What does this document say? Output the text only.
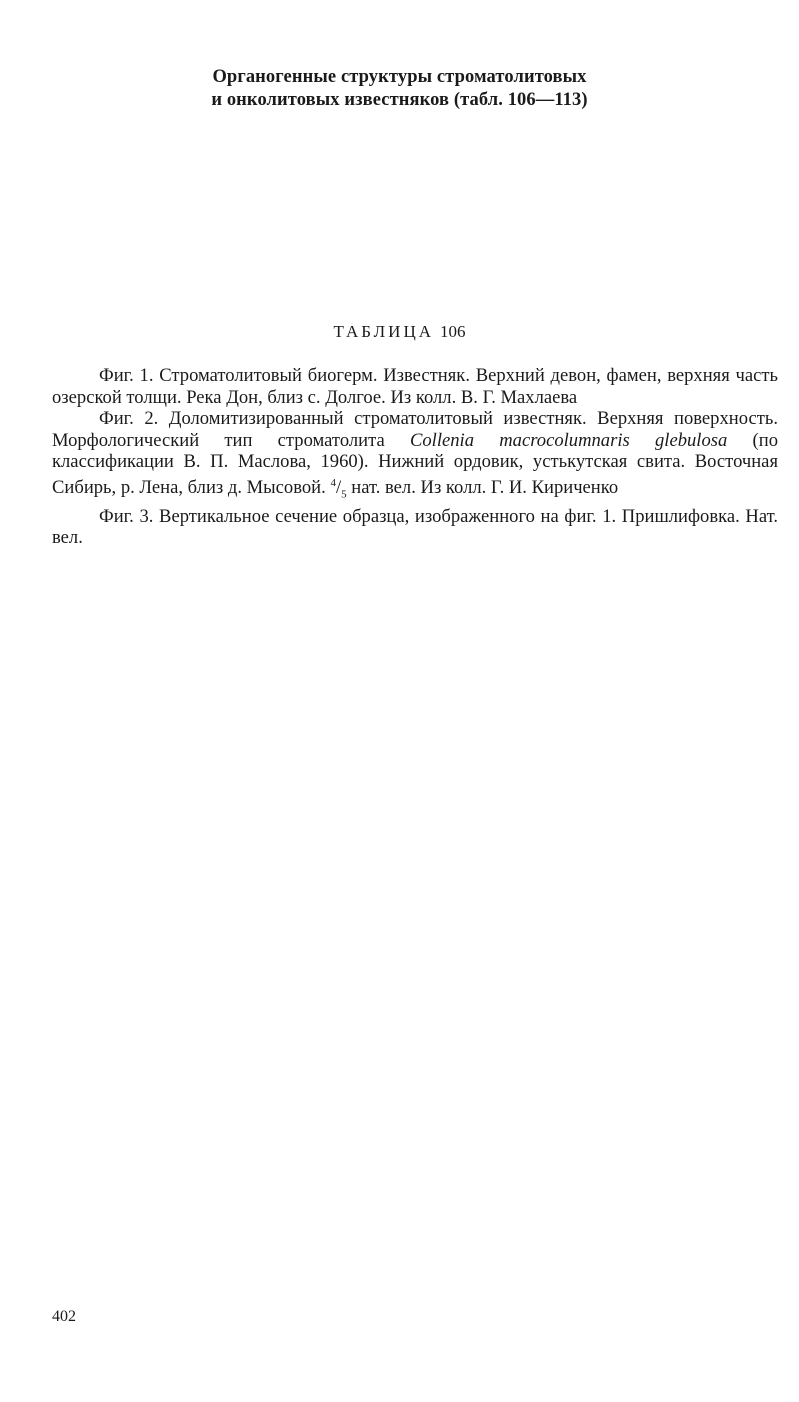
Органогенные структуры строматолитовых
и онколитовых известняков (табл. 106—113)
ТАБЛИЦА 106

Фиг. 1. Строматолитовый биогерм. Известняк. Верхний девон, фамен, верхняя часть озерской толщи. Река Дон, близ с. Долгое. Из колл. В. Г. Махлаева

Фиг. 2. Доломитизированный строматолитовый известняк. Верхняя поверхность. Морфологический тип строматолита Collenia macrocolumnaris glebulosa (по классификации В. П. Маслова, 1960). Нижний ордовик, устькутская свита. Восточная Сибирь, р. Лена, близ д. Мысовой. $^4/_5$ нат. вел. Из колл. Г. И. Кириченко

Фиг. 3. Вертикальное сечение образца, изображенного на фиг. 1. Пришлифовка. Нат. вел.

402
